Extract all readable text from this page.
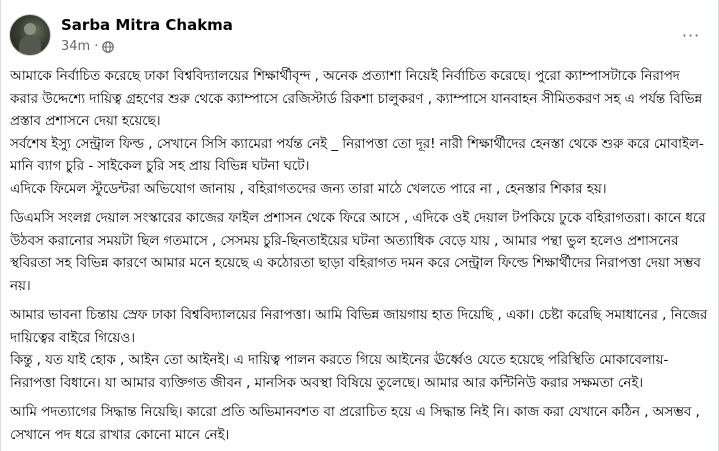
Sarba Mitra Chakma
34m ·
···

আমাকে নির্বাচিত করেছে ঢাকা বিশ্ববিদ্যালয়ের শিক্ষার্থীবৃন্দ , অনেক প্রত্যাশা নিয়েই নির্বাচিত করেছে। পুরো ক্যাম্পাসটাকে নিরাপদ করার উদ্দেশ্যে দায়িত্ব গ্রহণের শুরু থেকে ক্যাম্পাসে রেজিস্টার্ড রিকশা চালুকরণ , ক্যাম্পাসে যানবাহন সীমিতকরণ সহ এ পর্যন্ত বিভিন্ন প্রস্তাব প্রশাসনে দেয়া হয়েছে।

সর্বশেষ ইস্যু সেন্ট্রাল ফিল্ড , সেখানে সিসি ক্যামেরা পর্যন্ত নেই _ নিরাপত্তা তো দূর! নারী শিক্ষার্থীদের হেনস্তা থেকে শুরু করে মোবাইল-মানি ব্যাগ চুরি - সাইকেল চুরি সহ প্রায় বিভিন্ন ঘটনা ঘটে।

এদিকে ফিমেল স্টুডেন্টরা অভিযোগ জানায় , বহিরাগতদের জন্য তারা মাঠে খেলতে পারে না , হেনস্তার শিকার হয়।

ডিএমসি সংলগ্ন দেয়াল সংস্কারের কাজের ফাইল প্রশাসন থেকে ফিরে আসে , এদিকে ওই দেয়াল টপকিয়ে ঢুকে বহিরাগতরা। কানে ধরে উঠবস করানোর সময়টা ছিল গতমাসে , সেসময় চুরি-ছিনতাইয়ের ঘটনা অত্যাধিক বেড়ে যায় , আমার পন্থা ভুল হলেও প্রশাসনের স্থবিরতা সহ বিভিন্ন কারণে আমার মনে হয়েছে এ কঠোরতা ছাড়া বহিরাগত দমন করে সেন্ট্রাল ফিল্ডে শিক্ষার্থীদের নিরাপত্তা দেয়া সম্ভব নয়।

আমার ভাবনা চিন্তায় স্রেফ ঢাকা বিশ্ববিদ্যালয়ের নিরাপত্তা। আমি বিভিন্ন জায়গায় হাত দিয়েছি , একা। চেষ্টা করেছি সমাধানের , নিজের দায়িত্বের বাইরে গিয়েও।

কিন্তু , যত যাই হোক , আইন তো আইনই। এ দায়িত্ব পালন করতে গিয়ে আইনের ঊর্ধ্বেও যেতে হয়েছে পরিস্থিতি মোকাবেলায়-নিরাপত্তা বিধানে। যা আমার ব্যক্তিগত জীবন , মানসিক অবস্থা বিষিয়ে তুলেছে। আমার আর কন্টিনিউ করার সক্ষমতা নেই।

আমি পদত্যাগের সিদ্ধান্ত নিয়েছি। কারো প্রতি অভিমানবশত বা প্ররোচিত হয়ে এ সিদ্ধান্ত নিই নি। কাজ করা যেখানে কঠিন , অসম্ভব , সেখানে পদ ধরে রাখার কোনো মানে নেই।
